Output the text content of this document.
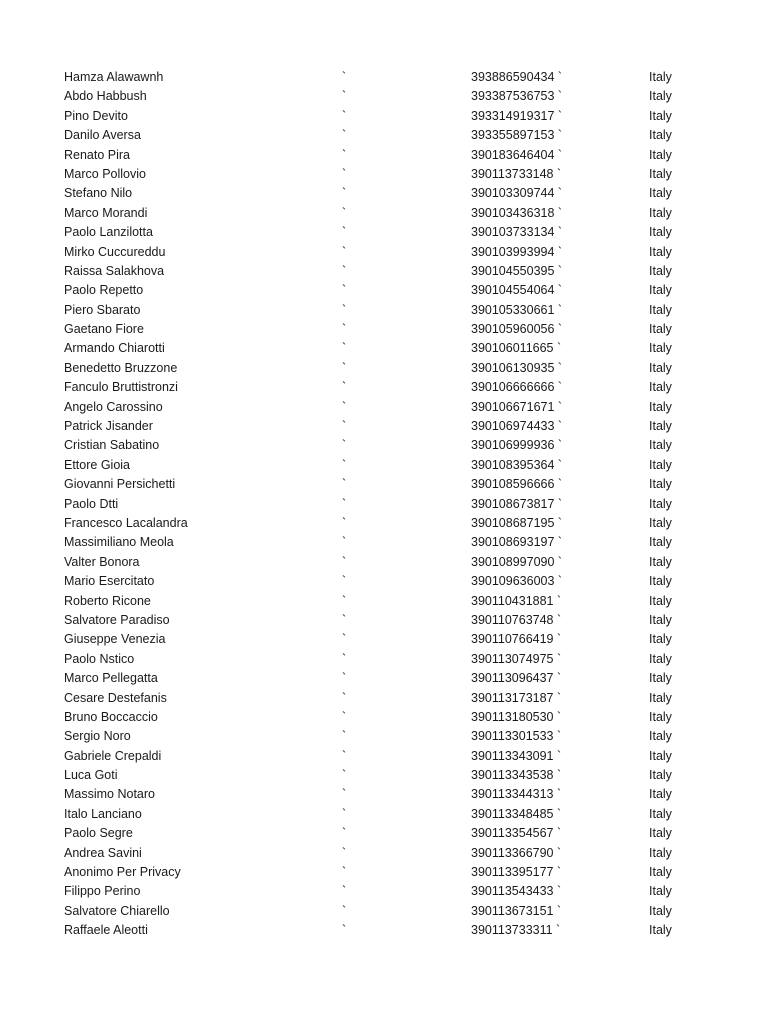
Hamza Alawawnh	`	393886590434 `	Italy
Abdo Habbush	`	393387536753 `	Italy
Pino Devito	`	393314919317 `	Italy
Danilo Aversa	`	393355897153 `	Italy
Renato Pira	`	390183646404 `	Italy
Marco Pollovio	`	390113733148 `	Italy
Stefano Nilo	`	390103309744 `	Italy
Marco Morandi	`	390103436318 `	Italy
Paolo Lanzilotta	`	390103733134 `	Italy
Mirko Cuccureddu	`	390103993994 `	Italy
Raissa Salakhova	`	390104550395 `	Italy
Paolo Repetto	`	390104554064 `	Italy
Piero Sbarato	`	390105330661 `	Italy
Gaetano Fiore	`	390105960056 `	Italy
Armando Chiarotti	`	390106011665 `	Italy
Benedetto Bruzzone	`	390106130935 `	Italy
Fanculo Bruttistronzi	`	390106666666 `	Italy
Angelo Carossino	`	390106671671 `	Italy
Patrick Jisander	`	390106974433 `	Italy
Cristian Sabatino	`	390106999936 `	Italy
Ettore Gioia	`	390108395364 `	Italy
Giovanni Persichetti	`	390108596666 `	Italy
Paolo Dtti	`	390108673817 `	Italy
Francesco Lacalandra	`	390108687195 `	Italy
Massimiliano Meola	`	390108693197 `	Italy
Valter Bonora	`	390108997090 `	Italy
Mario Esercitato	`	390109636003 `	Italy
Roberto Ricone	`	390110431881 `	Italy
Salvatore Paradiso	`	390110763748 `	Italy
Giuseppe Venezia	`	390110766419 `	Italy
Paolo Nstico	`	390113074975 `	Italy
Marco Pellegatta	`	390113096437 `	Italy
Cesare Destefanis	`	390113173187 `	Italy
Bruno Boccaccio	`	390113180530 `	Italy
Sergio Noro	`	390113301533 `	Italy
Gabriele Crepaldi	`	390113343091 `	Italy
Luca Goti	`	390113343538 `	Italy
Massimo Notaro	`	390113344313 `	Italy
Italo Lanciano	`	390113348485 `	Italy
Paolo Segre	`	390113354567 `	Italy
Andrea Savini	`	390113366790 `	Italy
Anonimo Per Privacy	`	390113395177 `	Italy
Filippo Perino	`	390113543433 `	Italy
Salvatore Chiarello	`	390113673151 `	Italy
Raffaele Aleotti	`	390113733311 `	Italy
